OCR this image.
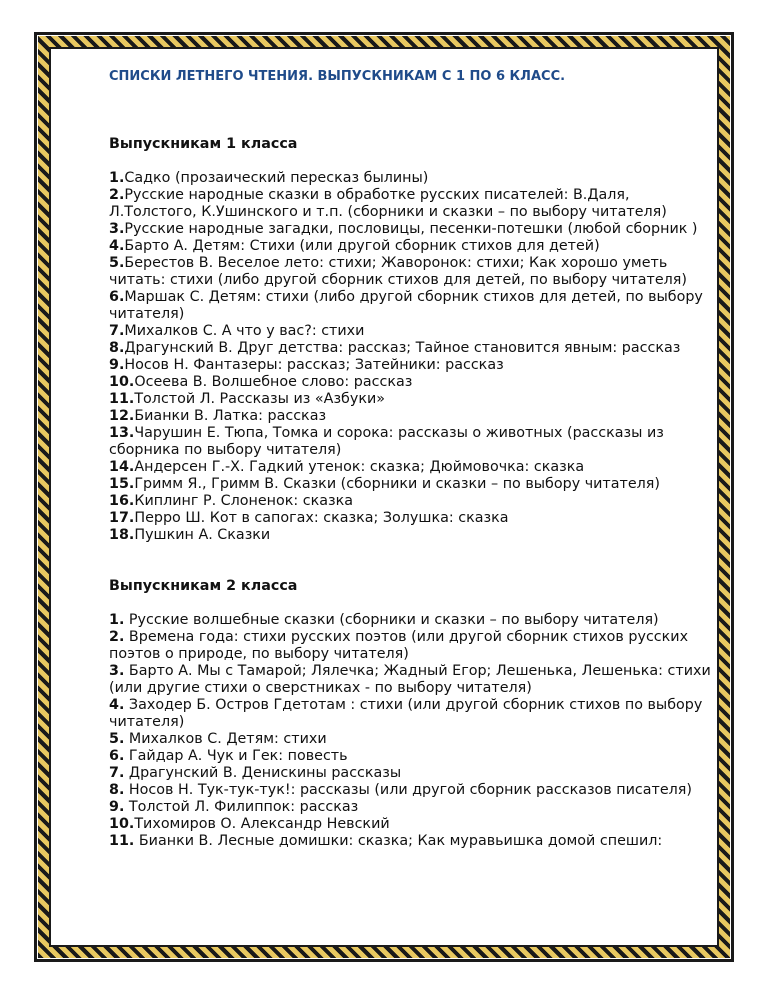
СПИСКИ ЛЕТНЕГО ЧТЕНИЯ. ВЫПУСКНИКАМ С 1 ПО 6 КЛАСС.
Выпускникам 1 класса
1.Садко (прозаический пересказ былины)
2.Русские народные сказки в обработке русских писателей: В.Даля, Л.Толстого, К.Ушинского и т.п. (сборники и сказки – по выбору читателя)
3.Русские народные загадки, пословицы, песенки-потешки (любой сборник )
4.Барто А. Детям: Стихи (или другой сборник стихов для детей)
5.Берестов В. Веселое лето: стихи; Жаворонок: стихи; Как хорошо уметь читать: стихи (либо другой сборник стихов для детей, по выбору читателя)
6.Маршак С. Детям: стихи (либо другой сборник стихов для детей, по выбору читателя)
7.Михалков С. А что у вас?: стихи
8.Драгунский В. Друг детства: рассказ; Тайное становится явным: рассказ
9.Носов Н. Фантазеры: рассказ; Затейники: рассказ
10.Осеева В. Волшебное слово: рассказ
11.Толстой Л. Рассказы из «Азбуки»
12.Бианки В. Латка: рассказ
13.Чарушин Е. Тюпа, Томка и сорока: рассказы о животных (рассказы из сборника по выбору читателя)
14.Андерсен Г.-Х. Гадкий утенок: сказка; Дюймовочка: сказка
15.Гримм Я., Гримм В. Сказки (сборники и сказки – по выбору читателя)
16.Киплинг Р. Слоненок: сказка
17.Перро Ш. Кот в сапогах: сказка; Золушка: сказка
18.Пушкин А. Сказки
Выпускникам 2 класса
1. Русские волшебные сказки (сборники и сказки – по выбору читателя)
2. Времена года: стихи русских поэтов (или другой сборник стихов русских поэтов о природе, по выбору читателя)
3. Барто А. Мы с Тамарой; Лялечка; Жадный Егор; Лешенька, Лешенька: стихи (или другие стихи о сверстниках - по выбору читателя)
4. Заходер Б. Остров Гдетотам : стихи (или другой сборник стихов по выбору читателя)
5. Михалков С. Детям: стихи
6. Гайдар А. Чук и Гек: повесть
7. Драгунский В. Денискины рассказы
8. Носов Н. Тук-тук-тук!: рассказы (или другой сборник рассказов писателя)
9. Толстой Л. Филиппок: рассказ
10.Тихомиров О. Александр Невский
11. Бианки В. Лесные домишки: сказка; Как муравьишка домой спешил:
